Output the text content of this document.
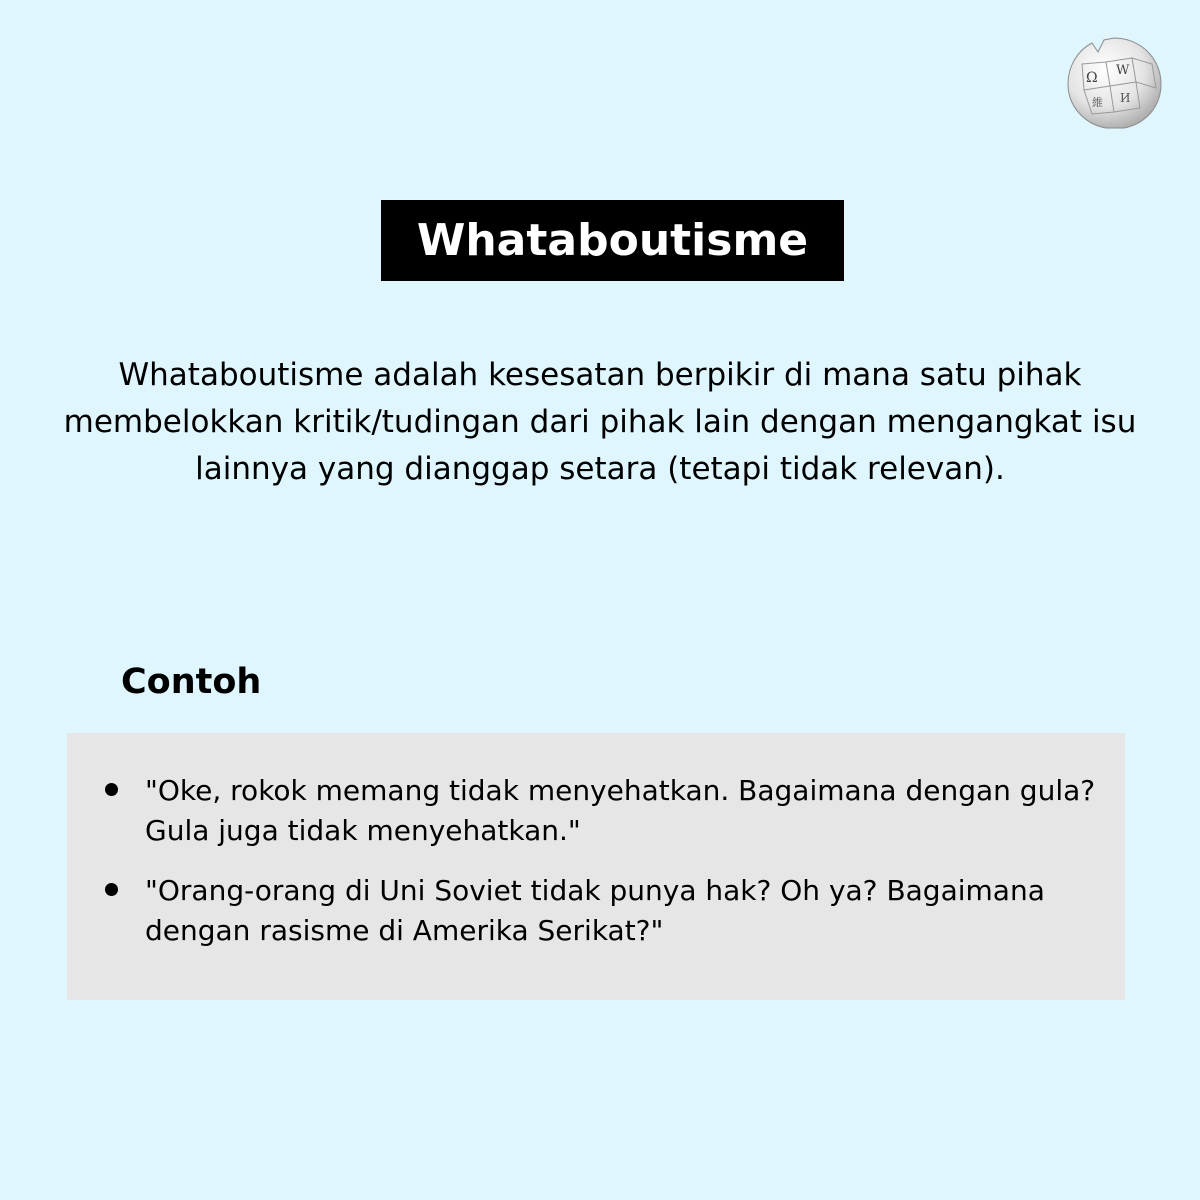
Ω W
И
維
Whataboutisme

Whataboutisme adalah kesesatan berpikir di mana satu pihak membelokkan kritik/tudingan dari pihak lain dengan mengangkat isu lainnya yang dianggap setara (tetapi tidak relevan).

Contoh
"Oke, rokok memang tidak menyehatkan. Bagaimana dengan gula? Gula juga tidak menyehatkan."
"Orang-orang di Uni Soviet tidak punya hak? Oh ya? Bagaimana dengan rasisme di Amerika Serikat?"
